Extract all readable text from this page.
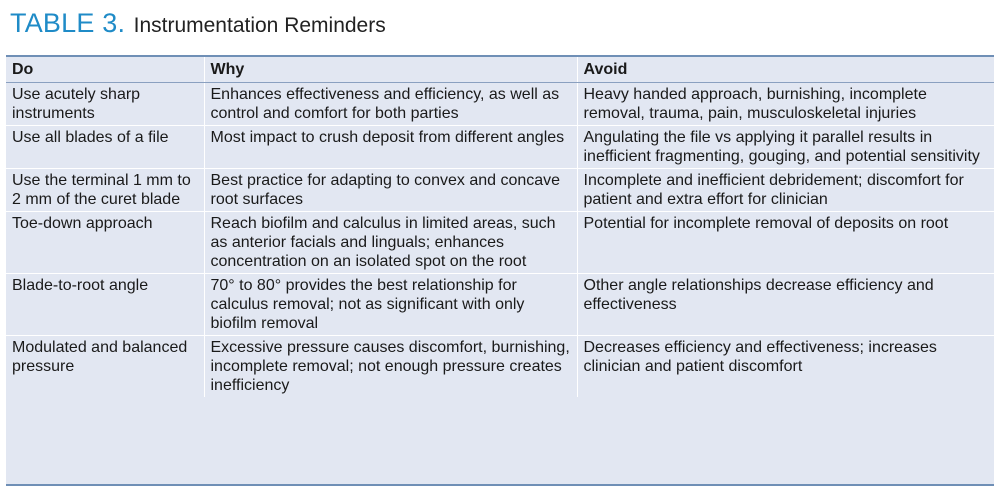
TABLE 3. Instrumentation Reminders
Do	Why	Avoid
Use acutely sharp instruments	Enhances effectiveness and efficiency, as well as control and comfort for both parties	Heavy handed approach, burnishing, incomplete removal, trauma, pain, musculoskeletal injuries
Use all blades of a file	Most impact to crush deposit from different angles	Angulating the file vs applying it parallel results in inefficient fragmenting, gouging, and potential sensitivity
Use the terminal 1 mm to 2 mm of the curet blade	Best practice for adapting to convex and concave root surfaces	Incomplete and inefficient debridement; discomfort for patient and extra effort for clinician
Toe-down approach	Reach biofilm and calculus in limited areas, such as anterior facials and linguals; enhances concentration on an isolated spot on the root	Potential for incomplete removal of deposits on root
Blade-to-root angle	70° to 80° provides the best relationship for calculus removal; not as significant with only biofilm removal	Other angle relationships decrease efficiency and effectiveness
Modulated and balanced pressure	Excessive pressure causes discomfort, burnishing, incomplete removal; not enough pressure creates inefficiency	Decreases efficiency and effectiveness; increases clinician and patient discomfort
